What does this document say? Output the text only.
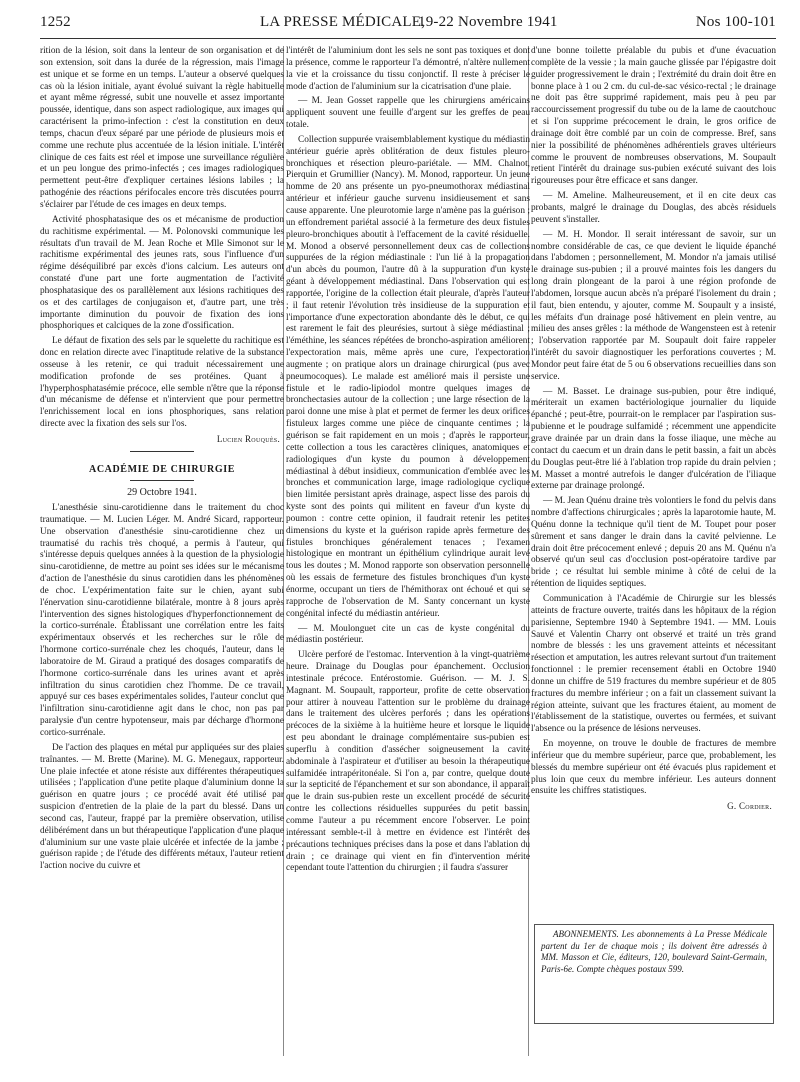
1252	LA PRESSE MÉDICALE,
19-22 Novembre 1941	Nos 100-101

rition de la lésion, soit dans la lenteur de son organisation et de son extension, soit dans la durée de la régression, mais l'image est unique et se forme en un temps. L'auteur a observé quelques cas où la lésion initiale, ayant évolué suivant la règle habituelle et ayant même régressé, subit une nouvelle et assez importante poussée, identique, dans son aspect radiologique, aux images qui caractérisent la primo-infection : c'est la constitution en deux temps, chacun d'eux séparé par une période de plusieurs mois et comme une rechute plus accentuée de la lésion initiale. L'intérêt clinique de ces faits est réel et impose une surveillance régulière et un peu longue des primo-infectés ; ces images radiologiques permettent peut-être d'expliquer certaines lésions labiles ; la pathogénie des réactions périfocales encore très discutées pourra s'éclairer par l'étude de ces images en deux temps.

Activité phosphatasique des os et mécanisme de production du rachitisme expérimental. — M. Polonovski communique les résultats d'un travail de M. Jean Roche et Mlle Simonot sur le rachitisme expérimental des jeunes rats, sous l'influence d'un régime déséquilibré par excès d'ions calcium. Les auteurs ont constaté d'une part une forte augmentation de l'activité phosphatasique des os parallèlement aux lésions rachitiques des os et des cartilages de conjugaison et, d'autre part, une très importante diminution du pouvoir de fixation des ions phosphoriques et calciques de la zone d'ossification.

Le défaut de fixation des sels par le squelette du rachitique est donc en relation directe avec l'inaptitude relative de la substance osseuse à les retenir, ce qui traduit nécessairement une modification profonde de ses protéines. Quant à l'hyperphosphatasémie précoce, elle semble n'être que la réponse d'un mécanisme de défense et n'intervient que pour permettre l'enrichissement local en ions phosphoriques, sans relation directe avec la fixation des sels sur l'os.

Lucien Rouquès.
ACADÉMIE DE CHIRURGIE
29 Octobre 1941.

L'anesthésie sinu-carotidienne dans le traitement du choc traumatique. — M. Lucien Léger. M. André Sicard, rapporteur. Une observation d'anesthésie sinu-carotidienne chez un traumatisé du rachis très choqué, a permis à l'auteur, qui s'intéresse depuis quelques années à la question de la physiologie sinu-carotidienne, de mettre au point ses idées sur le mécanisme d'action de l'anesthésie du sinus carotidien dans les phénomènes de choc. L'expérimentation faite sur le chien, ayant subi l'énervation sinu-carotidienne bilatérale, montre à 8 jours après l'intervention des signes histologiques d'hyperfonctionnement de la cortico-surrénale. Établissant une corrélation entre les faits expérimentaux observés et les recherches sur le rôle de l'hormone cortico-surrénale chez les choqués, l'auteur, dans le laboratoire de M. Giraud a pratiqué des dosages comparatifs de l'hormone cortico-surrénale dans les urines avant et après infiltration du sinus carotidien chez l'homme. De ce travail, appuyé sur ces bases expérimentales solides, l'auteur conclut que l'infiltration sinu-carotidienne agit dans le choc, non pas par paralysie d'un centre hypotenseur, mais par décharge d'hormone cortico-surrénale.

De l'action des plaques en métal pur appliquées sur des plaies traînantes. — M. Brette (Marine). M. G. Menegaux, rapporteur. Une plaie infectée et atone résiste aux différentes thérapeutiques utilisées ; l'application d'une petite plaque d'aluminium donne la guérison en quatre jours ; ce procédé avait été utilisé par suspicion d'entretien de la plaie de la part du blessé. Dans un second cas, l'auteur, frappé par la première observation, utilise délibérément dans un but thérapeutique l'application d'une plaque d'aluminium sur une vaste plaie ulcérée et infectée de la jambe ; guérison rapide ; de l'étude des différents métaux, l'auteur retient l'action nocive du cuivre et

l'intérêt de l'aluminium dont les sels ne sont pas toxiques et dont la présence, comme le rapporteur l'a démontré, n'altère nullement la vie et la croissance du tissu conjonctif. Il reste à préciser le mode d'action de l'aluminium sur la cicatrisation d'une plaie.

— M. Jean Gosset rappelle que les chirurgiens américains appliquent souvent une feuille d'argent sur les greffes de peau totale.

Collection suppurée vraisemblablement kystique du médiastin antérieur guérie après oblitération de deux fistules pleuro-bronchiques et résection pleuro-pariétale. — MM. Chalnot, Pierquin et Grumillier (Nancy). M. Monod, rapporteur. Un jeune homme de 20 ans présente un pyo-pneumothorax médiastinal antérieur et inférieur gauche survenu insidieusement et sans cause apparente. Une pleurotomie large n'amène pas la guérison ; un effondrement pariétal associé à la fermeture des deux fistules pleuro-bronchiques aboutit à l'effacement de la cavité résiduelle. M. Monod a observé personnellement deux cas de collections suppurées de la région médiastinale : l'un lié à la propagation d'un abcès du poumon, l'autre dû à la suppuration d'un kyste géant à développement médiastinal. Dans l'observation qui est rapportée, l'origine de la collection était pleurale, d'après l'auteur ; il faut retenir l'évolution très insidieuse de la suppuration et l'importance d'une expectoration abondante dès le début, ce qui est rarement le fait des pleurésies, surtout à siège médiastinal ; l'éméthine, les séances répétées de broncho-aspiration améliorent l'expectoration mais, même après une cure, l'expectoration augmente ; on pratique alors un drainage chirurgical (pus avec pneumocoques). Le malade est amélioré mais il persiste une fistule et le radio-lipiodol montre quelques images de bronchectasies autour de la collection ; une large résection de la paroi donne une mise à plat et permet de fermer les deux orifices fistuleux larges comme une pièce de cinquante centimes ; la guérison se fait rapidement en un mois ; d'après le rapporteur, cette collection a tous les caractères cliniques, anatomiques et radiologiques d'un kyste du poumon à développement médiastinal à début insidieux, communication d'emblée avec les bronches et communication large, image radiologique cyclique bien limitée persistant après drainage, aspect lisse des parois du kyste sont des points qui militent en faveur d'un kyste du poumon : contre cette opinion, il faudrait retenir les petites dimensions du kyste et la guérison rapide après fermeture des fistules bronchiques généralement tenaces ; l'examen histologique en montrant un épithélium cylindrique aurait levé tous les doutes ; M. Monod rapporte son observation personnelle où les essais de fermeture des fistules bronchiques d'un kyste énorme, occupant un tiers de l'hémithorax ont échoué et qui se rapproche de l'observation de M. Santy concernant un kyste congénital infecté du médiastin antérieur.

— M. Moulonguet cite un cas de kyste congénital du médiastin postérieur.

Ulcère perforé de l'estomac. Intervention à la vingt-quatrième heure. Drainage du Douglas pour épanchement. Occlusion intestinale précoce. Entérostomie. Guérison. — M. J. S. Magnant. M. Soupault, rapporteur, profite de cette observation pour attirer à nouveau l'attention sur le problème du drainage dans le traitement des ulcères perforés ; dans les opérations précoces de la sixième à la huitième heure et lorsque le liquide est peu abondant le drainage complémentaire sus-pubien est superflu à condition d'assécher soigneusement la cavité abdominale à l'aspirateur et d'utiliser au besoin la thérapeutique sulfamidée intrapéritonéale. Si l'on a, par contre, quelque doute sur la septicité de l'épanchement et sur son abondance, il apparaît que le drain sus-pubien reste un excellent procédé de sécurité contre les collections résiduelles suppurées du petit bassin, comme l'auteur a pu récemment encore l'observer. Le point intéressant semble-t-il à mettre en évidence est l'intérêt des précautions techniques précises dans la pose et dans l'ablation du drain ; ce drainage qui vient en fin d'intervention mérite cependant toute l'attention du chirurgien ; il faudra s'assurer

d'une bonne toilette préalable du pubis et d'une évacuation complète de la vessie ; la main gauche glissée par l'épigastre doit guider progressivement le drain ; l'extrémité du drain doit être en bonne place à 1 ou 2 cm. du cul-de-sac vésico-rectal ; le drainage ne doit pas être supprimé rapidement, mais peu à peu par raccourcissement progressif du tube ou de la lame de caoutchouc et si l'on supprime précocement le drain, le gros orifice de drainage doit être comblé par un coin de compresse. Bref, sans nier la possibilité de phénomènes adhérentiels graves ultérieurs comme le prouvent de nombreuses observations, M. Soupault retient l'intérêt du drainage sus-pubien exécuté suivant des lois rigoureuses pour être efficace et sans danger.

— M. Ameline. Malheureusement, et il en cite deux cas probants, malgré le drainage du Douglas, des abcès résiduels peuvent s'installer.

— M. H. Mondor. Il serait intéressant de savoir, sur un nombre considérable de cas, ce que devient le liquide épanché dans l'abdomen ; personnellement, M. Mondor n'a jamais utilisé le drainage sus-pubien ; il a prouvé maintes fois les dangers du long drain plongeant de la paroi à une région profonde de l'abdomen, lorsque aucun abcès n'a préparé l'isolement du drain ; il faut, bien entendu, y ajouter, comme M. Soupault y a insisté, les méfaits d'un drainage posé hâtivement en plein ventre, au milieu des anses grêles : la méthode de Wangensteen est à retenir ; l'observation rapportée par M. Soupault doit faire rappeler l'intérêt du savoir diagnostiquer les perforations couvertes ; M. Mondor peut faire état de 5 ou 6 observations recueillies dans son service.

— M. Basset. Le drainage sus-pubien, pour être indiqué, mériterait un examen bactériologique journalier du liquide épanché ; peut-être, pourrait-on le remplacer par l'aspiration sus-pubienne et le poudrage sulfamidé ; récemment une appendicite grave drainée par un drain dans la fosse iliaque, une mèche au contact du caecum et un drain dans le petit bassin, a fait un abcès du Douglas peut-être lié à l'ablation trop rapide du drain pelvien ; M. Masset a montré autrefois le danger d'ulcération de l'iliaque externe par drainage prolongé.

— M. Jean Quénu draine très volontiers le fond du pelvis dans nombre d'affections chirurgicales ; après la laparotomie haute, M. Quénu donne la technique qu'il tient de M. Toupet pour poser sûrement et sans danger le drain dans la cavité pelvienne. Le drain doit être précocement enlevé ; depuis 20 ans M. Quénu n'a observé qu'un seul cas d'occlusion post-opératoire tardive par bride ; ce résultat lui semble minime à côté de celui de la rétention de liquides septiques.

Communication à l'Académie de Chirurgie sur les blessés atteints de fracture ouverte, traités dans les hôpitaux de la région parisienne, Septembre 1940 à Septembre 1941. — MM. Louis Sauvé et Valentin Charry ont observé et traité un très grand nombre de blessés : les uns gravement atteints et nécessitant résection et amputation, les autres relevant surtout d'un traitement fonctionnel : le premier recensement établi en Octobre 1940 donne un chiffre de 519 fractures du membre supérieur et de 805 fractures du membre inférieur ; on a fait un classement suivant la région atteinte, suivant que les fractures étaient, au moment de l'établissement de la statistique, ouvertes ou fermées, et suivant l'absence ou la présence de lésions nerveuses.

En moyenne, on trouve le double de fractures de membre inférieur que du membre supérieur, parce que, probablement, les blessés du membre supérieur ont été évacués plus rapidement et plus loin que ceux du membre inférieur. Les auteurs donnent ensuite les chiffres statistiques.

G. Cordier.

ABONNEMENTS. Les abonnements à La Presse Médicale partent du 1er de chaque mois ; ils doivent être adressés à MM. Masson et Cie, éditeurs, 120, boulevard Saint-Germain, Paris-6e. Compte chèques postaux 599.
